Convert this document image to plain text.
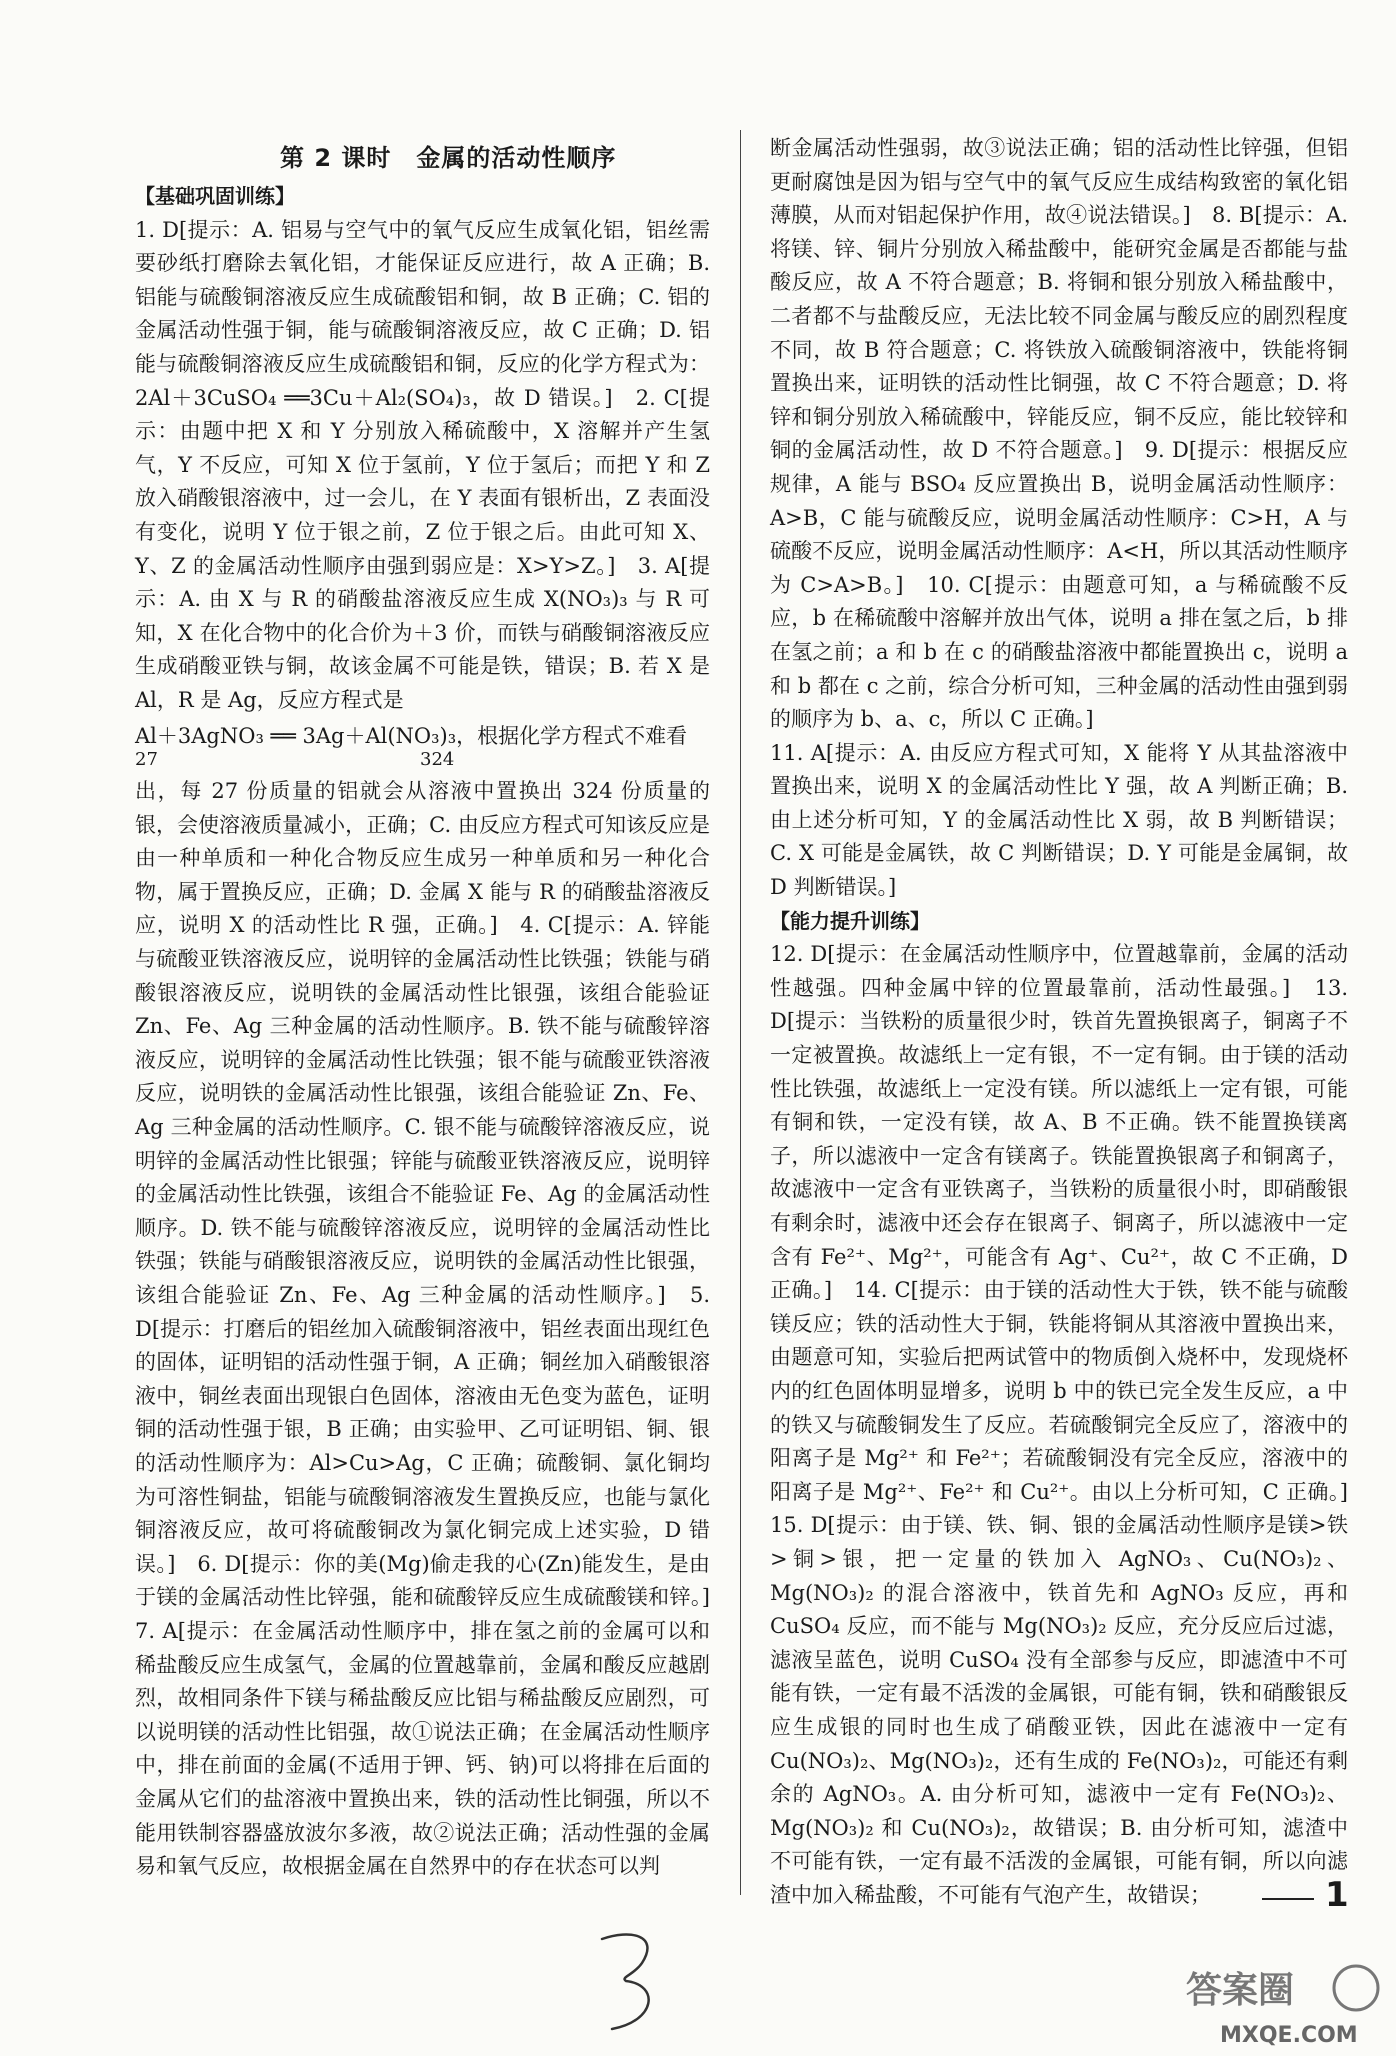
第 2 课时　金属的活动性顺序

【基础巩固训练】

1. D[提示：A. 铝易与空气中的氧气反应生成氧化铝，铝丝需要砂纸打磨除去氧化铝，才能保证反应进行，故 A 正确；B. 铝能与硫酸铜溶液反应生成硫酸铝和铜，故 B 正确；C. 铝的金属活动性强于铜，能与硫酸铜溶液反应，故 C 正确；D. 铝能与硫酸铜溶液反应生成硫酸铝和铜，反应的化学方程式为：2Al＋3CuSO₄ ══3Cu＋Al₂(SO₄)₃，故 D 错误。]　2. C[提示：由题中把 X 和 Y 分别放入稀硫酸中，X 溶解并产生氢气，Y 不反应，可知 X 位于氢前，Y 位于氢后；而把 Y 和 Z 放入硝酸银溶液中，过一会儿，在 Y 表面有银析出，Z 表面没有变化，说明 Y 位于银之前，Z 位于银之后。由此可知 X、Y、Z 的金属活动性顺序由强到弱应是：X>Y>Z。]　3. A[提示：A. 由 X 与 R 的硝酸盐溶液反应生成 X(NO₃)₃ 与 R 可知，X 在化合物中的化合价为＋3 价，而铁与硝酸铜溶液反应生成硝酸亚铁与铜，故该金属不可能是铁，错误；B. 若 X 是 Al，R 是 Ag，反应方程式是

Al＋3AgNO₃ ══ 3Ag＋Al(NO₃)₃ ，根据化学方程式不难看
27	324

出，每 27 份质量的铝就会从溶液中置换出 324 份质量的银，会使溶液质量减小，正确；C. 由反应方程式可知该反应是由一种单质和一种化合物反应生成另一种单质和另一种化合物，属于置换反应，正确；D. 金属 X 能与 R 的硝酸盐溶液反应，说明 X 的活动性比 R 强，正确。]　4. C[提示：A. 锌能与硫酸亚铁溶液反应，说明锌的金属活动性比铁强；铁能与硝酸银溶液反应，说明铁的金属活动性比银强，该组合能验证 Zn、Fe、Ag 三种金属的活动性顺序。B. 铁不能与硫酸锌溶液反应，说明锌的金属活动性比铁强；银不能与硫酸亚铁溶液反应，说明铁的金属活动性比银强，该组合能验证 Zn、Fe、Ag 三种金属的活动性顺序。C. 银不能与硫酸锌溶液反应，说明锌的金属活动性比银强；锌能与硫酸亚铁溶液反应，说明锌的金属活动性比铁强，该组合不能验证 Fe、Ag 的金属活动性顺序。D. 铁不能与硫酸锌溶液反应，说明锌的金属活动性比铁强；铁能与硝酸银溶液反应，说明铁的金属活动性比银强，该组合能验证 Zn、Fe、Ag 三种金属的活动性顺序。]　5. D[提示：打磨后的铝丝加入硫酸铜溶液中，铝丝表面出现红色的固体，证明铝的活动性强于铜，A 正确；铜丝加入硝酸银溶液中，铜丝表面出现银白色固体，溶液由无色变为蓝色，证明铜的活动性强于银，B 正确；由实验甲、乙可证明铝、铜、银的活动性顺序为：Al>Cu>Ag，C 正确；硫酸铜、氯化铜均为可溶性铜盐，铝能与硫酸铜溶液发生置换反应，也能与氯化铜溶液反应，故可将硫酸铜改为氯化铜完成上述实验，D 错误。]　6. D[提示：你的美(Mg)偷走我的心(Zn)能发生，是由于镁的金属活动性比锌强，能和硫酸锌反应生成硫酸镁和锌。]　7. A[提示：在金属活动性顺序中，排在氢之前的金属可以和稀盐酸反应生成氢气，金属的位置越靠前，金属和酸反应越剧烈，故相同条件下镁与稀盐酸反应比铝与稀盐酸反应剧烈，可以说明镁的活动性比铝强，故①说法正确；在金属活动性顺序中，排在前面的金属(不适用于钾、钙、钠)可以将排在后面的金属从它们的盐溶液中置换出来，铁的活动性比铜强，所以不能用铁制容器盛放波尔多液，故②说法正确；活动性强的金属易和氧气反应，故根据金属在自然界中的存在状态可以判

断金属活动性强弱，故③说法正确；铝的活动性比锌强，但铝更耐腐蚀是因为铝与空气中的氧气反应生成结构致密的氧化铝薄膜，从而对铝起保护作用，故④说法错误。]　8. B[提示：A. 将镁、锌、铜片分别放入稀盐酸中，能研究金属是否都能与盐酸反应，故 A 不符合题意；B. 将铜和银分别放入稀盐酸中，二者都不与盐酸反应，无法比较不同金属与酸反应的剧烈程度不同，故 B 符合题意；C. 将铁放入硫酸铜溶液中，铁能将铜置换出来，证明铁的活动性比铜强，故 C 不符合题意；D. 将锌和铜分别放入稀硫酸中，锌能反应，铜不反应，能比较锌和铜的金属活动性，故 D 不符合题意。]　9. D[提示：根据反应规律，A 能与 BSO₄ 反应置换出 B，说明金属活动性顺序：A>B，C 能与硫酸反应，说明金属活动性顺序：C>H，A 与硫酸不反应，说明金属活动性顺序：A<H，所以其活动性顺序为 C>A>B。]　10. C[提示：由题意可知，a 与稀硫酸不反应，b 在稀硫酸中溶解并放出气体，说明 a 排在氢之后，b 排在氢之前；a 和 b 在 c 的硝酸盐溶液中都能置换出 c，说明 a 和 b 都在 c 之前，综合分析可知，三种金属的活动性由强到弱的顺序为 b、a、c，所以 C 正确。]

11. A[提示：A. 由反应方程式可知，X 能将 Y 从其盐溶液中置换出来，说明 X 的金属活动性比 Y 强，故 A 判断正确；B. 由上述分析可知，Y 的金属活动性比 X 弱，故 B 判断错误；C. X 可能是金属铁，故 C 判断错误；D. Y 可能是金属铜，故 D 判断错误。]

【能力提升训练】

12. D[提示：在金属活动性顺序中，位置越靠前，金属的活动性越强。四种金属中锌的位置最靠前，活动性最强。]　13. D[提示：当铁粉的质量很少时，铁首先置换银离子，铜离子不一定被置换。故滤纸上一定有银，不一定有铜。由于镁的活动性比铁强，故滤纸上一定没有镁。所以滤纸上一定有银，可能有铜和铁，一定没有镁，故 A、B 不正确。铁不能置换镁离子，所以滤液中一定含有镁离子。铁能置换银离子和铜离子，故滤液中一定含有亚铁离子，当铁粉的质量很小时，即硝酸银有剩余时，滤液中还会存在银离子、铜离子，所以滤液中一定含有 Fe²⁺、Mg²⁺，可能含有 Ag⁺、Cu²⁺，故 C 不正确，D 正确。]　14. C[提示：由于镁的活动性大于铁，铁不能与硫酸镁反应；铁的活动性大于铜，铁能将铜从其溶液中置换出来，由题意可知，实验后把两试管中的物质倒入烧杯中，发现烧杯内的红色固体明显增多，说明 b 中的铁已完全发生反应，a 中的铁又与硫酸铜发生了反应。若硫酸铜完全反应了，溶液中的阳离子是 Mg²⁺ 和 Fe²⁺；若硫酸铜没有完全反应，溶液中的阳离子是 Mg²⁺、Fe²⁺ 和 Cu²⁺。由以上分析可知，C 正确。]　15. D[提示：由于镁、铁、铜、银的金属活动性顺序是镁>铁>铜>银，把一定量的铁加入 AgNO₃、Cu(NO₃)₂、Mg(NO₃)₂ 的混合溶液中，铁首先和 AgNO₃ 反应，再和 CuSO₄ 反应，而不能与 Mg(NO₃)₂ 反应，充分反应后过滤，滤液呈蓝色，说明 CuSO₄ 没有全部参与反应，即滤渣中不可能有铁，一定有最不活泼的金属银，可能有铜，铁和硝酸银反应生成银的同时也生成了硝酸亚铁，因此在滤液中一定有 Cu(NO₃)₂、Mg(NO₃)₂，还有生成的 Fe(NO₃)₂，可能还有剩余的 AgNO₃。A. 由分析可知，滤液中一定有 Fe(NO₃)₂、Mg(NO₃)₂ 和 Cu(NO₃)₂，故错误；B. 由分析可知，滤渣中不可能有铁，一定有最不活泼的金属银，可能有铜，所以向滤渣中加入稀盐酸，不可能有气泡产生，故错误；	1
答案圈
MXQE.COM
